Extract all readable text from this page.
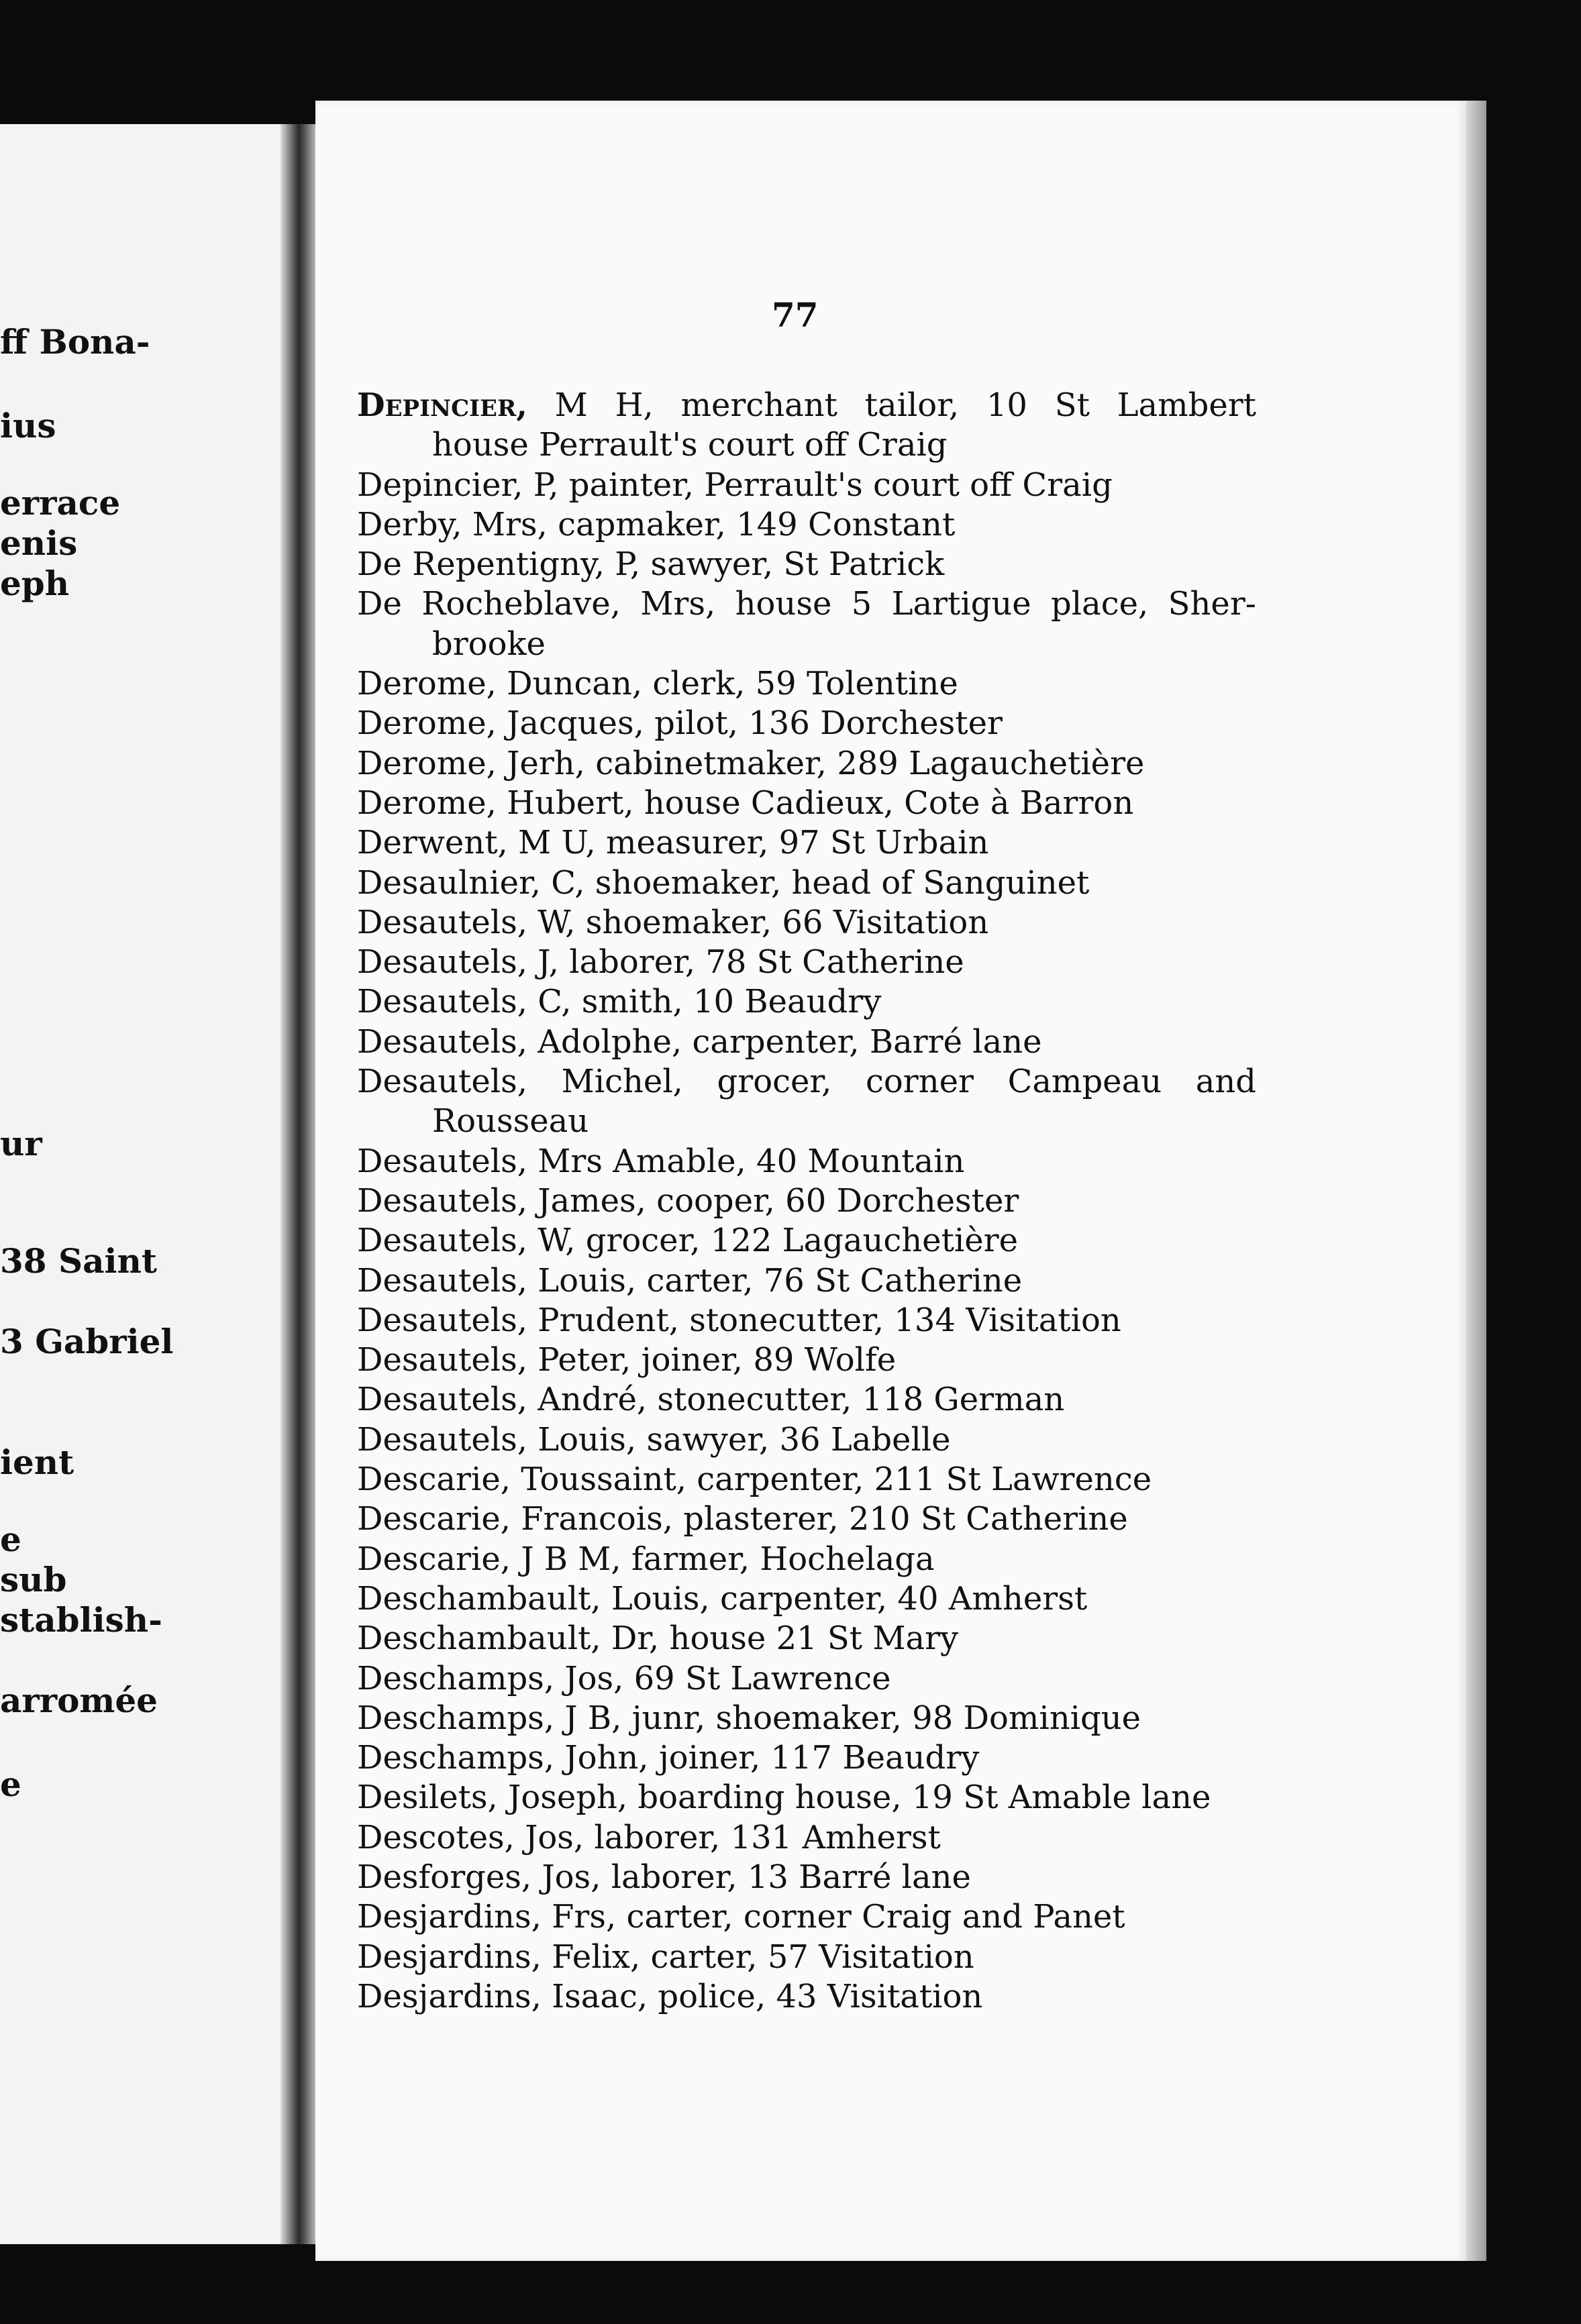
ff Bona-
ius
errace
enis
eph
ur
38 Saint
3 Gabriel
ient
e
sub
stablish-
arromée
e
77
Depincier, M H, merchant tailor, 10 St Lambert
house Perrault's court off Craig
Depincier, P, painter, Perrault's court off Craig
Derby, Mrs, capmaker, 149 Constant
De Repentigny, P, sawyer, St Patrick
De Rocheblave, Mrs, house 5 Lartigue place, Sher-
brooke
Derome, Duncan, clerk, 59 Tolentine
Derome, Jacques, pilot, 136 Dorchester
Derome, Jerh, cabinetmaker, 289 Lagauchetière
Derome, Hubert, house Cadieux, Cote à Barron
Derwent, M U, measurer, 97 St Urbain
Desaulnier, C, shoemaker, head of Sanguinet
Desautels, W, shoemaker, 66 Visitation
Desautels, J, laborer, 78 St Catherine
Desautels, C, smith, 10 Beaudry
Desautels, Adolphe, carpenter, Barré lane
Desautels, Michel, grocer, corner Campeau and
Rousseau
Desautels, Mrs Amable, 40 Mountain
Desautels, James, cooper, 60 Dorchester
Desautels, W, grocer, 122 Lagauchetière
Desautels, Louis, carter, 76 St Catherine
Desautels, Prudent, stonecutter, 134 Visitation
Desautels, Peter, joiner, 89 Wolfe
Desautels, André, stonecutter, 118 German
Desautels, Louis, sawyer, 36 Labelle
Descarie, Toussaint, carpenter, 211 St Lawrence
Descarie, Francois, plasterer, 210 St Catherine
Descarie, J B M, farmer, Hochelaga
Deschambault, Louis, carpenter, 40 Amherst
Deschambault, Dr, house 21 St Mary
Deschamps, Jos, 69 St Lawrence
Deschamps, J B, junr, shoemaker, 98 Dominique
Deschamps, John, joiner, 117 Beaudry
Desilets, Joseph, boarding house, 19 St Amable lane
Descotes, Jos, laborer, 131 Amherst
Desforges, Jos, laborer, 13 Barré lane
Desjardins, Frs, carter, corner Craig and Panet
Desjardins, Felix, carter, 57 Visitation
Desjardins, Isaac, police, 43 Visitation
